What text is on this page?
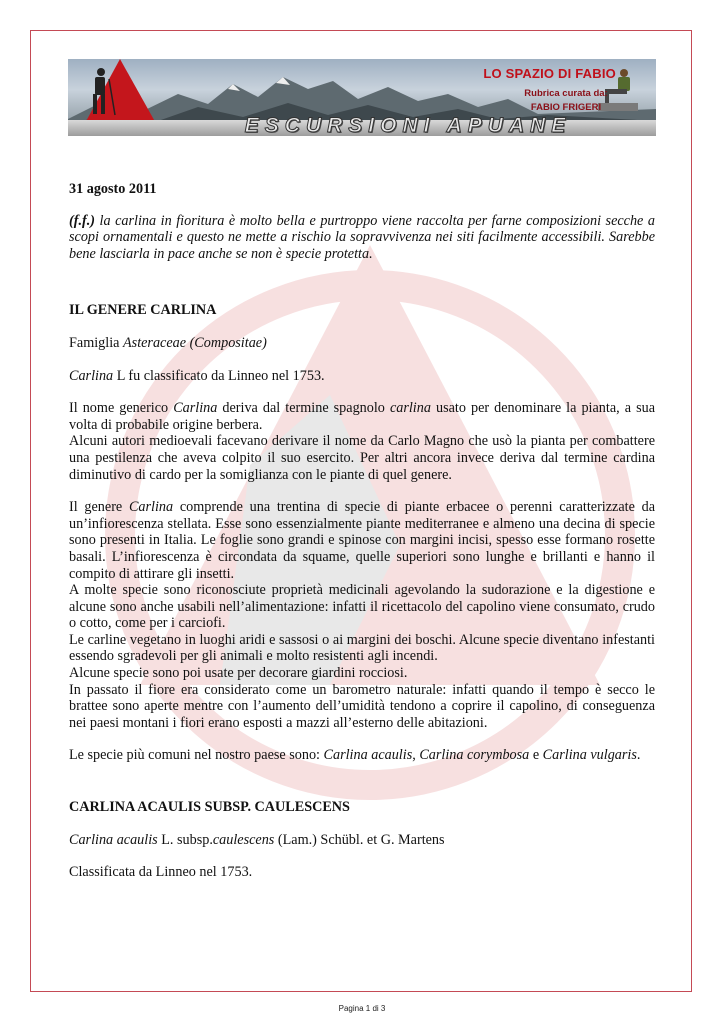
LO SPAZIO DI FABIO
Rubrica curata da:
FABIO FRIGERI
ESCURSIONI APUANE

31 agosto 2011

(f.f.) la carlina in fioritura è molto bella e purtroppo viene raccolta per farne composizioni secche a scopi ornamentali e questo ne mette a rischio la sopravvivenza nei siti facilmente accessibili. Sarebbe bene lasciarla in pace anche se non è specie protetta.

IL GENERE CARLINA

Famiglia Asteraceae (Compositae)

Carlina L fu classificato da Linneo nel 1753.

Il nome generico Carlina deriva dal termine spagnolo carlina usato per denominare la pianta, a sua volta di probabile origine berbera.

Alcuni autori medioevali facevano derivare il nome da Carlo Magno che usò la pianta per combattere una pestilenza che aveva colpito il suo esercito. Per altri ancora invece deriva dal termine cardina diminutivo di cardo per la somiglianza con le piante di quel genere.

Il genere Carlina comprende una trentina di specie di piante erbacee o perenni caratterizzate da un’infiorescenza stellata. Esse sono essenzialmente piante mediterranee e almeno una decina di specie sono presenti in Italia. Le foglie sono grandi e spinose con margini incisi, spesso esse formano rosette basali. L’infiorescenza è circondata da squame, quelle superiori sono lunghe e brillanti e hanno il compito di attirare gli insetti.

A molte specie sono riconosciute proprietà medicinali agevolando la sudorazione e la digestione e alcune sono anche usabili nell’alimentazione: infatti il ricettacolo del capolino viene consumato, crudo o cotto, come per i carciofi.

Le carline vegetano in luoghi aridi e sassosi o ai margini dei boschi. Alcune specie diventano infestanti essendo sgradevoli per gli animali e molto resistenti agli incendi.

Alcune specie sono poi usate per decorare giardini rocciosi.

In passato il fiore era considerato come un barometro naturale: infatti quando il tempo è secco le brattee sono aperte mentre con l’aumento dell’umidità tendono a coprire il capolino, di conseguenza nei paesi montani i fiori erano esposti a mazzi all’esterno delle abitazioni.

Le specie più comuni nel nostro paese sono: Carlina acaulis, Carlina corymbosa e Carlina vulgaris.

CARLINA ACAULIS SUBSP. CAULESCENS

Carlina acaulis L. subsp.caulescens (Lam.) Schübl. et G. Martens

Classificata da Linneo nel 1753.

Pagina 1 di 3
